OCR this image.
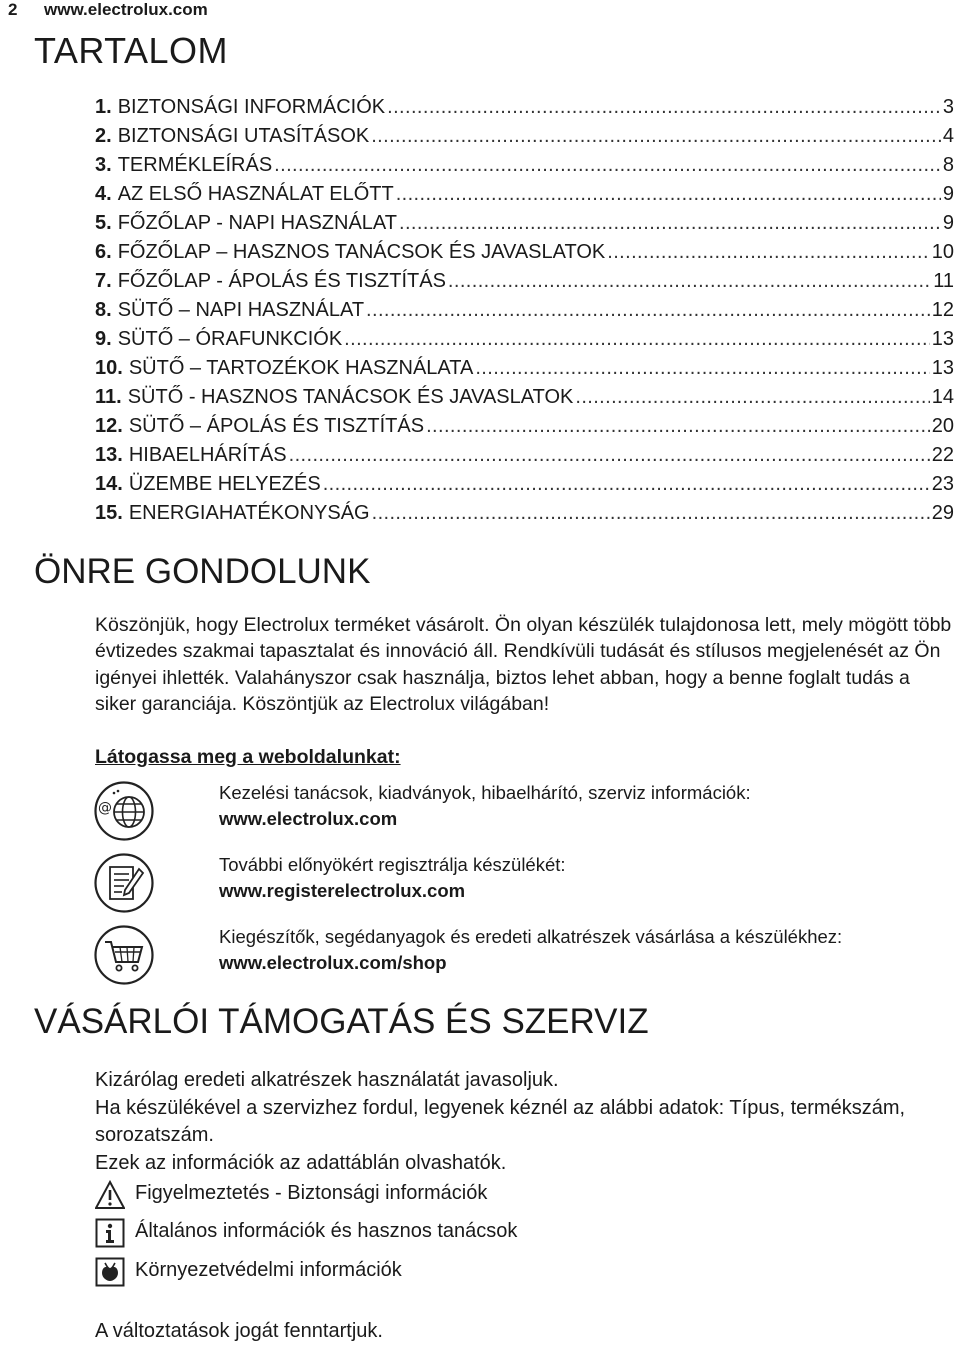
2 www.electrolux.com
TARTALOM
1. BIZTONSÁGI INFORMÁCIÓK .....	3
2. BIZTONSÁGI UTASÍTÁSOK .....	4
3. TERMÉKLEÍRÁS .....	8
4. AZ ELSŐ HASZNÁLAT ELŐTT .....	9
5. FŐZŐLAP - NAPI HASZNÁLAT .....	9
6. FŐZŐLAP – HASZNOS TANÁCSOK ÉS JAVASLATOK .....	10
7. FŐZŐLAP - ÁPOLÁS ÉS TISZTÍTÁS .....	11
8. SÜTŐ – NAPI HASZNÁLAT .....	12
9. SÜTŐ – ÓRAFUNKCIÓK .....	13
10. SÜTŐ – TARTOZÉKOK HASZNÁLATA .....	13
11. SÜTŐ - HASZNOS TANÁCSOK ÉS JAVASLATOK .....	14
12. SÜTŐ – ÁPOLÁS ÉS TISZTÍTÁS .....	20
13. HIBAELHÁRÍTÁS .....	22
14. ÜZEMBE HELYEZÉS .....	23
15. ENERGIAHATÉKONYSÁG .....	29
ÖNRE GONDOLUNK

Köszönjük, hogy Electrolux terméket vásárolt. Ön olyan készülék tulajdonosa lett, mely mögött több évtizedes szakmai tapasztalat és innováció áll. Rendkívüli tudását és stílusos megjelenését az Ön igényei ihlették. Valahányszor csak használja, biztos lehet abban, hogy a benne foglalt tudás a siker garanciája. Köszöntjük az Electrolux világában!

Látogassa meg a weboldalunkat:

@
Kezelési tanácsok, kiadványok, hibaelhárító, szerviz információk:
www.electrolux.com
További előnyökért regisztrálja készülékét:
www.registerelectrolux.com
Kiegészítők, segédanyagok és eredeti alkatrészek vásárlása a készülékhez:
www.electrolux.com/shop
VÁSÁRLÓI TÁMOGATÁS ÉS SZERVIZ
Kizárólag eredeti alkatrészek használatát javasoljuk.
Ha készülékével a szervizhez fordul, legyenek kéznél az alábbi adatok: Típus, termékszám, sorozatszám.
Ezek az információk az adattáblán olvashatók.
Figyelmeztetés - Biztonsági információk
Általános információk és hasznos tanácsok
Környezetvédelmi információk

A változtatások jogát fenntartjuk.
